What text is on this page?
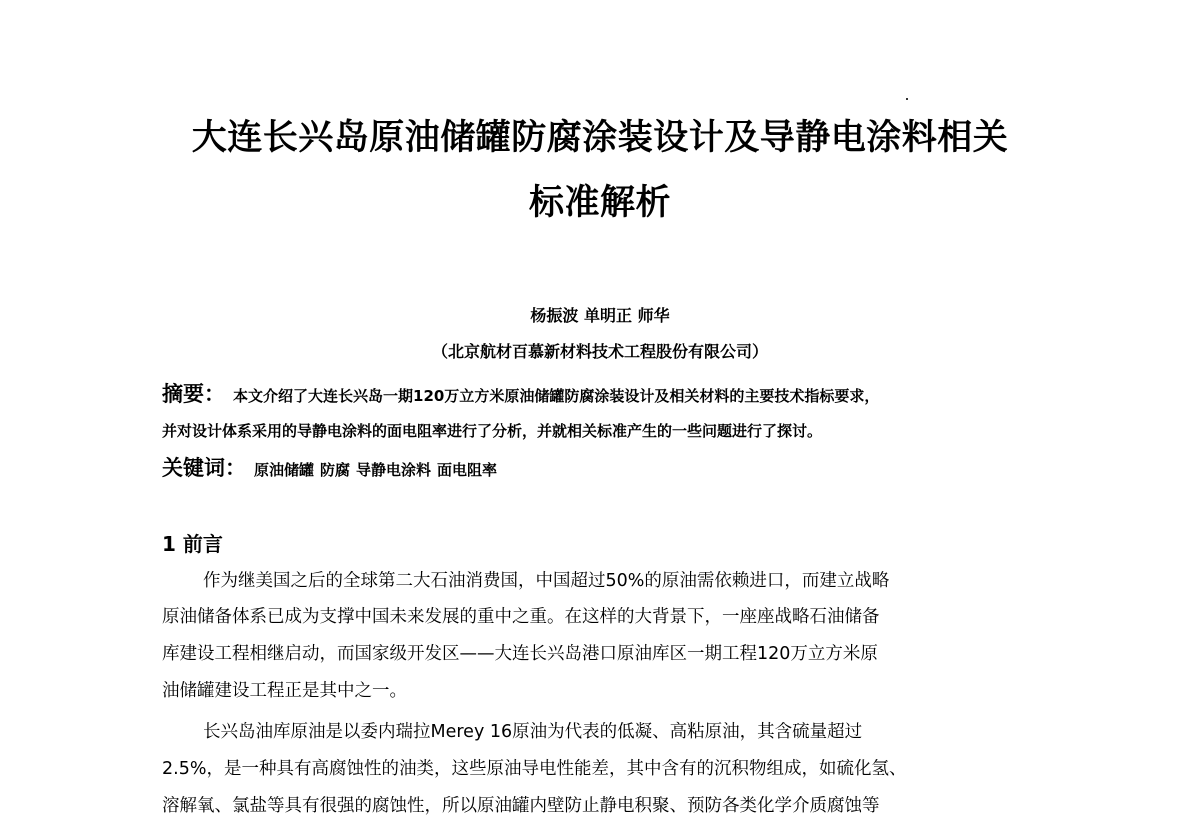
大连长兴岛原油储罐防腐涂装设计及导静电涂料相关
标准解析
杨振波 单明正 师华
（北京航材百慕新材料技术工程股份有限公司）
摘要： 本文介绍了大连长兴岛一期120万立方米原油储罐防腐涂装设计及相关材料的主要技术指标要求，
并对设计体系采用的导静电涂料的面电阻率进行了分析，并就相关标准产生的一些问题进行了探讨。
关键词： 原油储罐 防腐 导静电涂料 面电阻率
1 前言
作为继美国之后的全球第二大石油消费国，中国超过50%的原油需依赖进口，而建立战略
原油储备体系已成为支撑中国未来发展的重中之重。在这样的大背景下，一座座战略石油储备
库建设工程相继启动，而国家级开发区——大连长兴岛港口原油库区一期工程120万立方米原
油储罐建设工程正是其中之一。
长兴岛油库原油是以委内瑞拉Merey 16原油为代表的低凝、高粘原油，其含硫量超过
2.5%，是一种具有高腐蚀性的油类，这些原油导电性能差，其中含有的沉积物组成，如硫化氢、
溶解氧、氯盐等具有很强的腐蚀性，所以原油罐内壁防止静电积聚、预防各类化学介质腐蚀等
